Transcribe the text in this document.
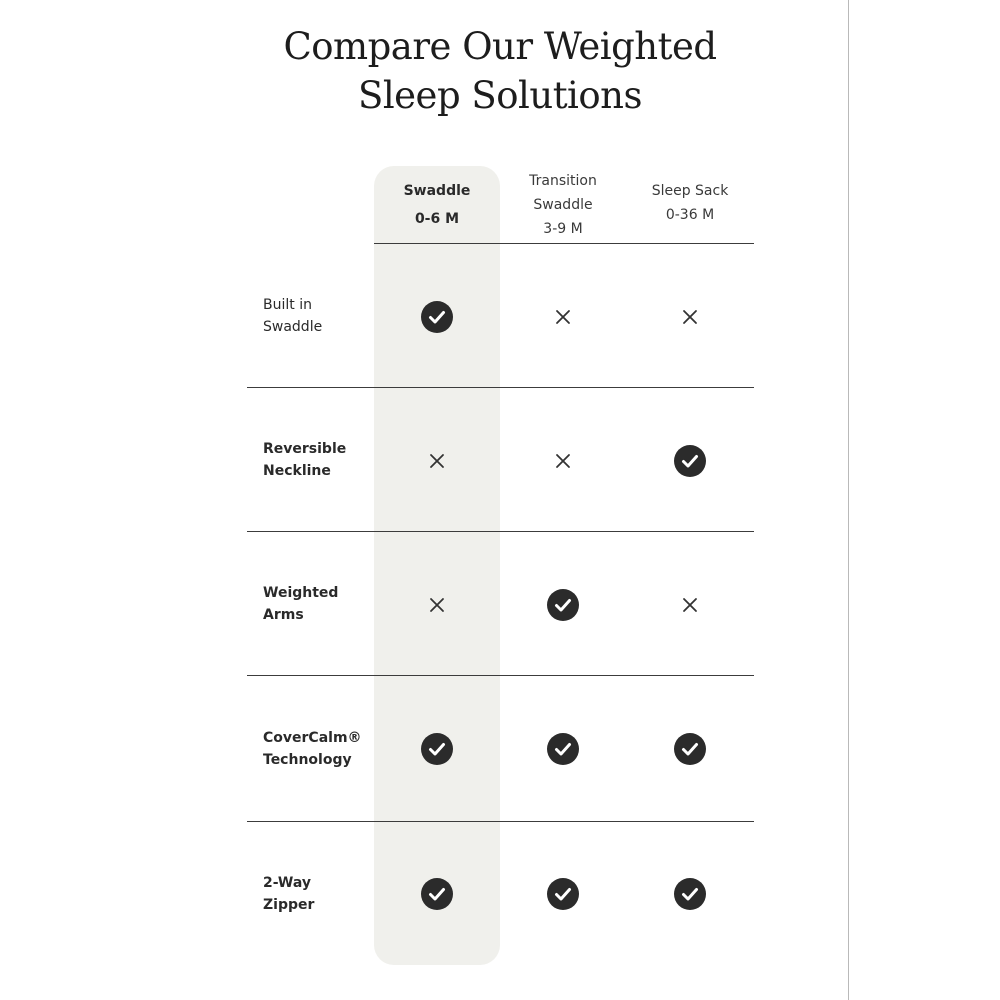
Compare Our Weighted
Sleep Solutions
Swaddle
0-6 M
Transition
Swaddle
3-9 M
Sleep Sack
0-36 M
Built in
Swaddle
Reversible
Neckline
Weighted
Arms
CoverCalm®
Technology
2-Way
Zipper
